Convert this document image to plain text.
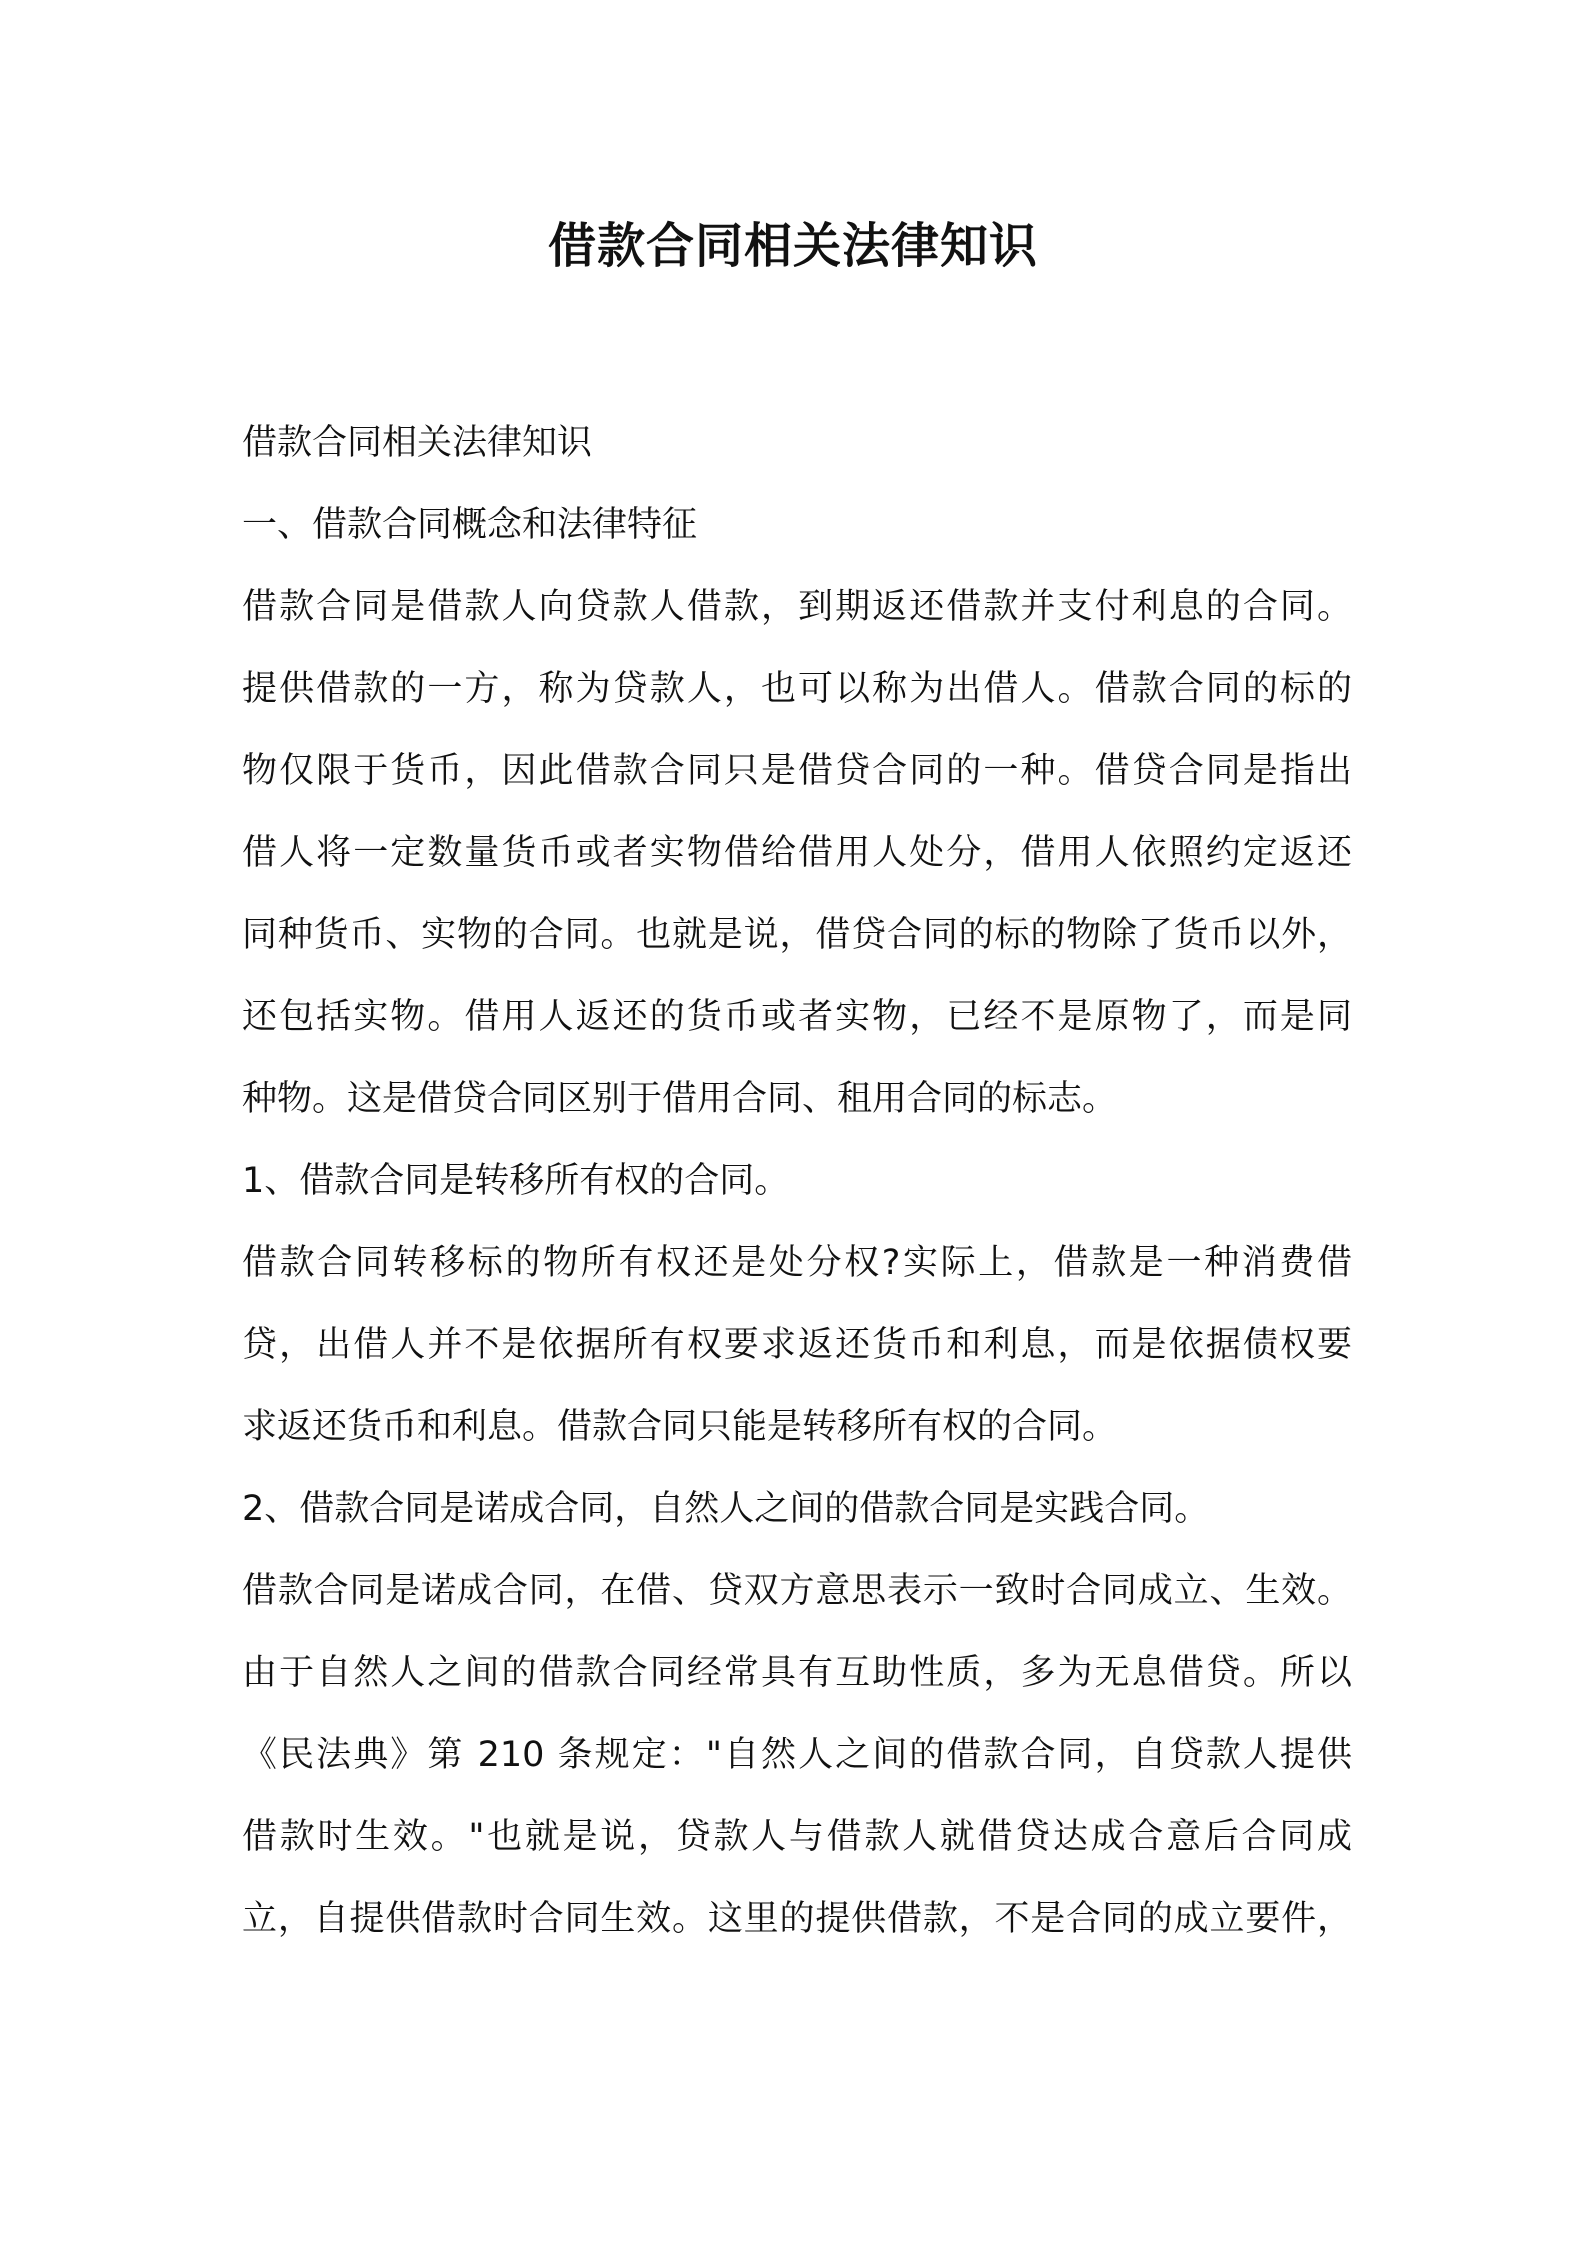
借款合同相关法律知识
借款合同相关法律知识
一、借款合同概念和法律特征
借款合同是借款人向贷款人借款，到期返还借款并支付利息的合同。
提供借款的一方，称为贷款人，也可以称为出借人。借款合同的标的
物仅限于货币，因此借款合同只是借贷合同的一种。借贷合同是指出
借人将一定数量货币或者实物借给借用人处分，借用人依照约定返还
同种货币、实物的合同。也就是说，借贷合同的标的物除了货币以外，
还包括实物。借用人返还的货币或者实物，已经不是原物了，而是同
种物。这是借贷合同区别于借用合同、租用合同的标志。
1、借款合同是转移所有权的合同。
借款合同转移标的物所有权还是处分权?实际上，借款是一种消费借
贷，出借人并不是依据所有权要求返还货币和利息，而是依据债权要
求返还货币和利息。借款合同只能是转移所有权的合同。
2、借款合同是诺成合同，自然人之间的借款合同是实践合同。
借款合同是诺成合同，在借、贷双方意思表示一致时合同成立、生效。
由于自然人之间的借款合同经常具有互助性质，多为无息借贷。所以
《民法典》第 210 条规定："自然人之间的借款合同，自贷款人提供
借款时生效。"也就是说，贷款人与借款人就借贷达成合意后合同成
立，自提供借款时合同生效。这里的提供借款，不是合同的成立要件，
